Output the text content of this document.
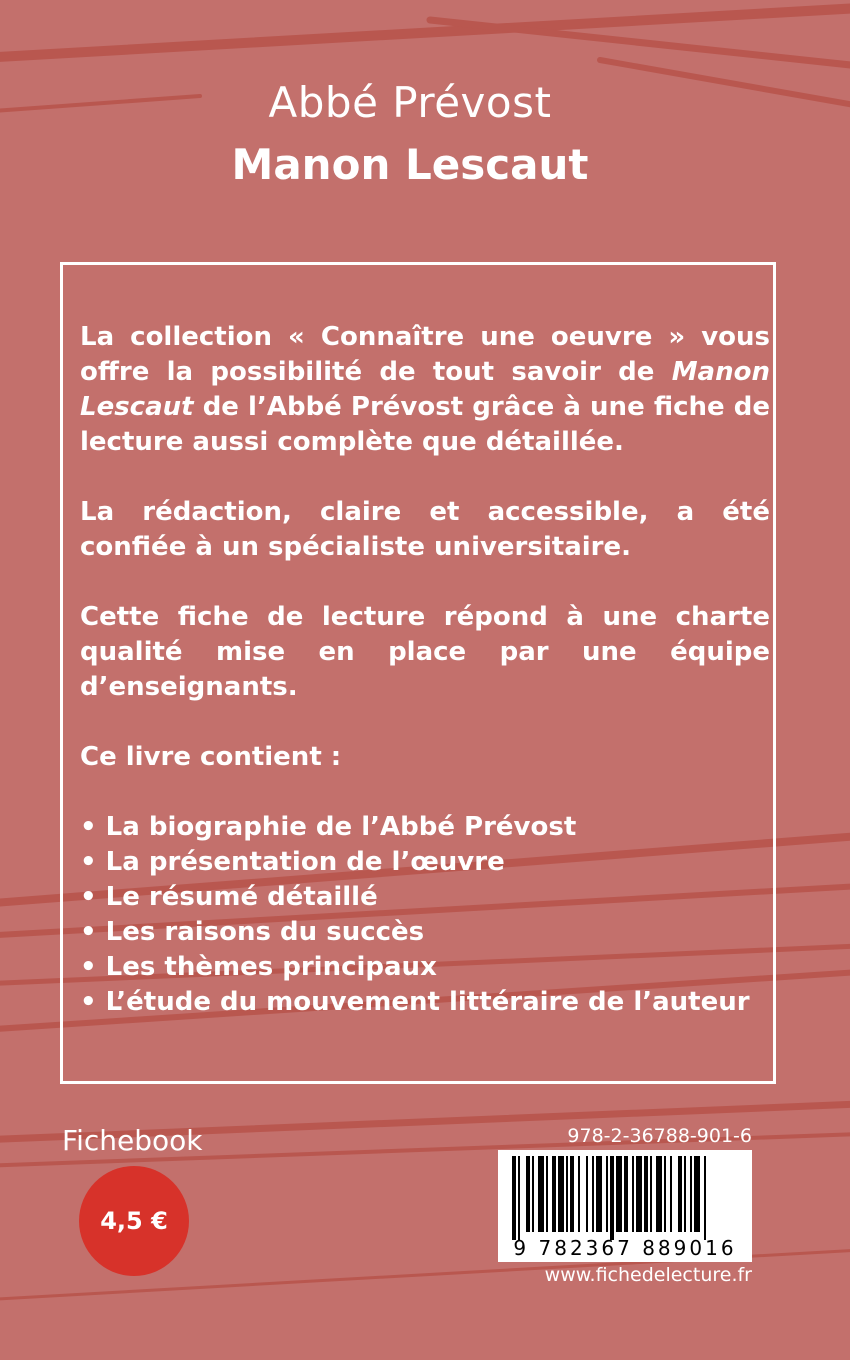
Abbé Prévost
Manon Lescaut

La collection « Connaître une oeuvre » vous offre la possibilité de tout savoir de Manon Lescaut de l’Abbé Prévost grâce à une fiche de lecture aussi complète que détaillée.

La rédaction, claire et accessible, a été confiée à un spécialiste universitaire.

Cette fiche de lecture répond à une charte qualité mise en place par une équipe d’enseignants.

Ce livre contient :

• La biographie de l’Abbé Prévost
• La présentation de l’œuvre
• Le résumé détaillé
• Les raisons du succès
• Les thèmes principaux
• L’étude du mouvement littéraire de l’auteur
Fichebook
4,5 €
978-2-36788-901-6
9 782367 889016
www.fichedelecture.fr
